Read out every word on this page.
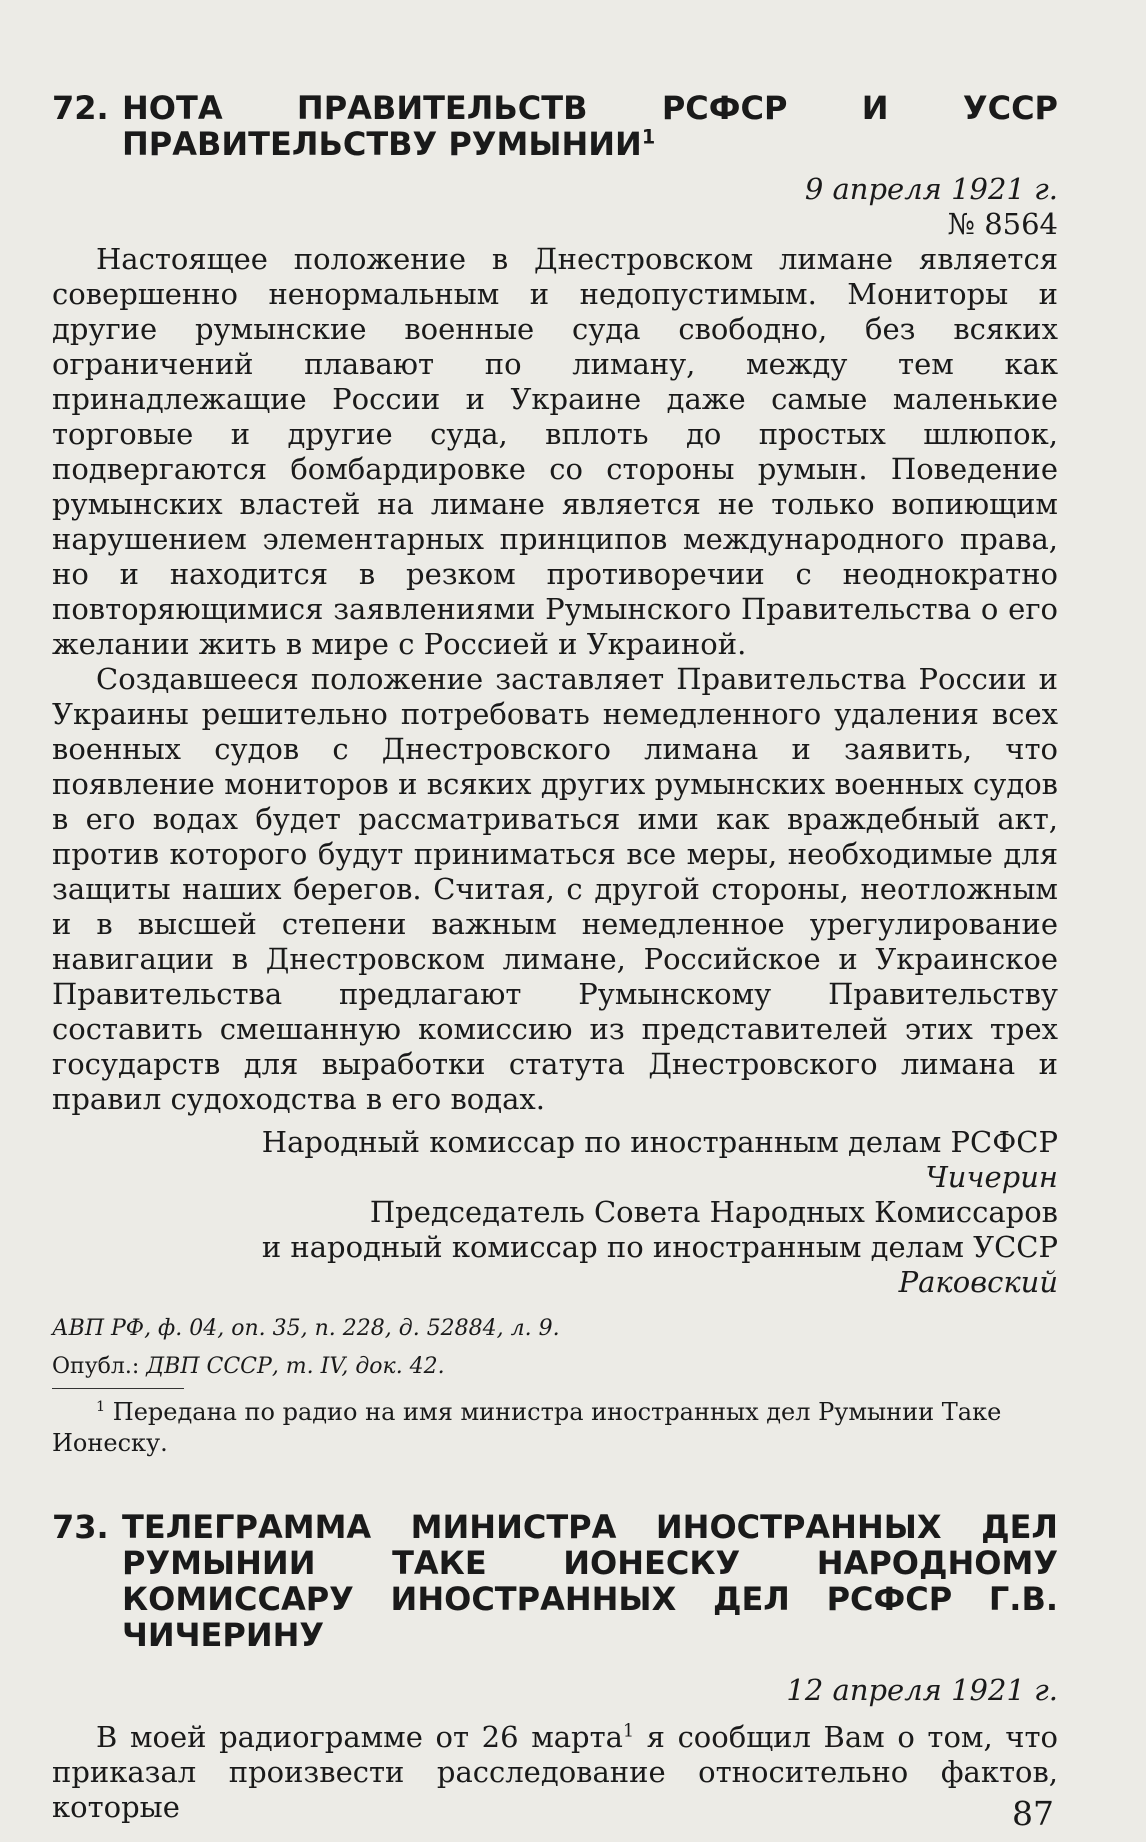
72. НОТА ПРАВИТЕЛЬСТВ РСФСР И УССР ПРАВИТЕЛЬСТВУ РУМЫНИИ$^1$
9 апреля 1921 г.
№ 8564

Настоящее положение в Днестровском лимане является совершенно ненормальным и недопустимым. Мониторы и другие румынские военные суда свободно, без всяких ограничений плавают по лиману, между тем как принадлежащие России и Украине даже самые маленькие торговые и другие суда, вплоть до простых шлюпок, подвергаются бомбардировке со стороны румын. Поведение румынских властей на лимане является не только вопиющим нарушением элементарных принципов международного права, но и находится в резком противоречии с неоднократно повторяющимися заявлениями Румынского Правительства о его желании жить в мире с Россией и Украиной.

Создавшееся положение заставляет Правительства России и Украины решительно потребовать немедленного удаления всех военных судов с Днестровского лимана и заявить, что появление мониторов и всяких других румынских военных судов в его водах будет рассматриваться ими как враждебный акт, против которого будут приниматься все меры, необходимые для защиты наших берегов. Считая, с другой стороны, неотложным и в высшей степени важным немедленное урегулирование навигации в Днестровском лимане, Российское и Украинское Правительства предлагают Румынскому Правительству составить смешанную комиссию из представителей этих трех государств для выработки статута Днестровского лимана и правил судоходства в его водах.

Народный комиссар по иностранным делам РСФСР

Чичерин

Председатель Совета Народных Комиссаров

и народный комиссар по иностранным делам УССР

Раковский

АВП РФ, ф. 04, оп. 35, п. 228, д. 52884, л. 9.

Опубл.: ДВП СССР, т. IV, док. 42.

$^1$ Передана по радио на имя министра иностранных дел Румынии Таке Ионеску.

73. ТЕЛЕГРАММА МИНИСТРА ИНОСТРАННЫХ ДЕЛ РУМЫНИИ ТАКЕ ИОНЕСКУ НАРОДНОМУ КОМИССАРУ ИНОСТРАННЫХ ДЕЛ РСФСР Г.В. ЧИЧЕРИНУ
12 апреля 1921 г.

В моей радиограмме от 26 марта$^1$ я сообщил Вам о том, что приказал произвести расследование относительно фактов, которые	87
